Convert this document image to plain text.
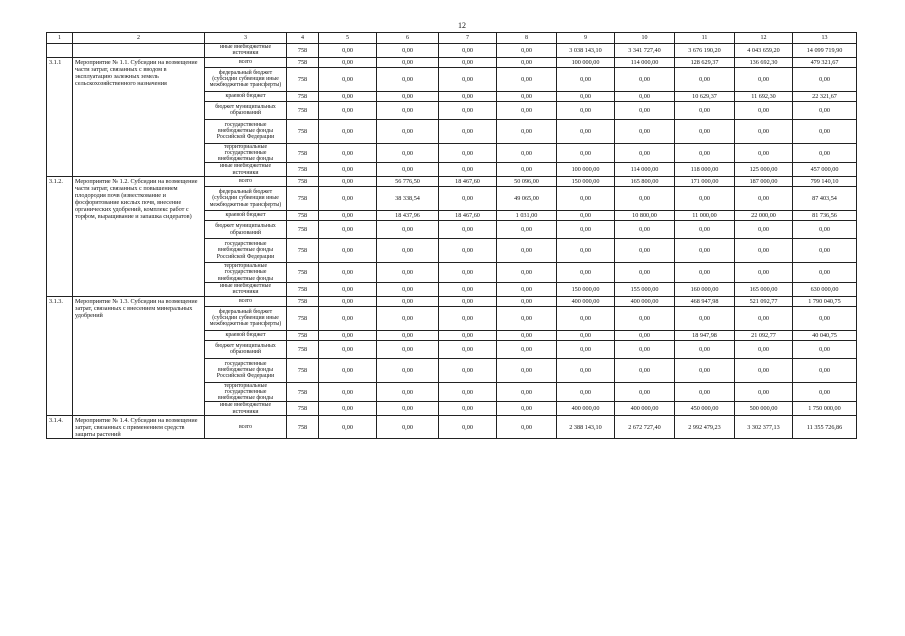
12
1	2	3	4	5	6	7	8	9	10	11	12	13
		иные внебюджетные источники	758	0,00	0,00	0,00	0,00	3 038 143,10	3 341 727,40	3 676 190,20	4 043 659,20	14 099 719,90
3.1.1	Мероприятие № 1.1. Субсидии на возмещение части затрат, связанных с вводом в эксплуатацию залежных земель сельскохозяйственного назначения	всего	758	0,00	0,00	0,00	0,00	100 000,00	114 000,00	128 629,37	136 692,30	479 321,67
		федеральный бюджет (субсидии субвенции иные межбюджетные трансферты)	758	0,00	0,00	0,00	0,00	0,00	0,00	0,00	0,00	0,00
		краевой бюджет	758	0,00	0,00	0,00	0,00	0,00	0,00	10 629,37	11 692,30	22 321,67
		бюджет муниципальных образований	758	0,00	0,00	0,00	0,00	0,00	0,00	0,00	0,00	0,00
		государственные внебюджетные фонды Российской Федерации	758	0,00	0,00	0,00	0,00	0,00	0,00	0,00	0,00	0,00
		территориальные государственные внебюджетные фонды	758	0,00	0,00	0,00	0,00	0,00	0,00	0,00	0,00	0,00
		иные внебюджетные источники	758	0,00	0,00	0,00	0,00	100 000,00	114 000,00	118 000,00	125 000,00	457 000,00
3.1.2.	Мероприятие № 1.2. Субсидии на возмещение части затрат, связанных с повышением плодородия почв (известкование и фосфоритование кислых почв, внесение органических удобрений, комплекс работ с торфом, выращивание и запашка сидератов)	всего	758	0,00	56 776,50	18 467,60	50 096,00	150 000,00	165 800,00	171 000,00	187 000,00	799 140,10
		федеральный бюджет (субсидии субвенции иные межбюджетные трансферты)	758	0,00	38 338,54	0,00	49 065,00	0,00	0,00	0,00	0,00	87 403,54
		краевой бюджет	758	0,00	18 437,96	18 467,60	1 031,00	0,00	10 800,00	11 000,00	22 000,00	81 736,56
		бюджет муниципальных образований	758	0,00	0,00	0,00	0,00	0,00	0,00	0,00	0,00	0,00
		государственные внебюджетные фонды Российской Федерации	758	0,00	0,00	0,00	0,00	0,00	0,00	0,00	0,00	0,00
		территориальные государственные внебюджетные фонды	758	0,00	0,00	0,00	0,00	0,00	0,00	0,00	0,00	0,00
		иные внебюджетные источники	758	0,00	0,00	0,00	0,00	150 000,00	155 000,00	160 000,00	165 000,00	630 000,00
3.1.3.	Мероприятие № 1.3. Субсидии на возмещение затрат, связанных с внесением минеральных удобрений	всего	758	0,00	0,00	0,00	0,00	400 000,00	400 000,00	468 947,98	521 092,77	1 790 040,75
		федеральный бюджет (субсидии субвенции иные межбюджетные трансферты)	758	0,00	0,00	0,00	0,00	0,00	0,00	0,00	0,00	0,00
		краевой бюджет	758	0,00	0,00	0,00	0,00	0,00	0,00	18 947,98	21 092,77	40 040,75
		бюджет муниципальных образований	758	0,00	0,00	0,00	0,00	0,00	0,00	0,00	0,00	0,00
		государственные внебюджетные фонды Российской Федерации	758	0,00	0,00	0,00	0,00	0,00	0,00	0,00	0,00	0,00
		территориальные государственные внебюджетные фонды	758	0,00	0,00	0,00	0,00	0,00	0,00	0,00	0,00	0,00
		иные внебюджетные источники	758	0,00	0,00	0,00	0,00	400 000,00	400 000,00	450 000,00	500 000,00	1 750 000,00
3.1.4.	Мероприятие № 1.4. Субсидии на возмещение затрат, связанных с применением средств защиты растений	всего	758	0,00	0,00	0,00	0,00	2 388 143,10	2 672 727,40	2 992 479,23	3 302 377,13	11 355 726,86
